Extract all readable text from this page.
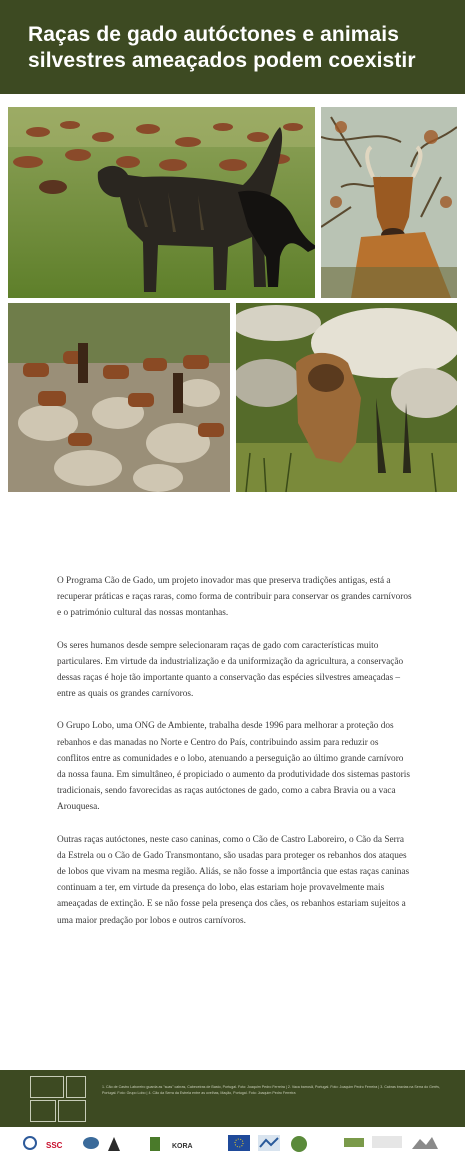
Raças de gado autóctones e animais silvestres ameaçados podem coexistir

O Programa Cão de Gado, um projeto inovador mas que preserva tradições antigas, está a recuperar práticas e raças raras, como forma de contribuir para conservar os grandes carnívoros e o património cultural das nossas montanhas.

Os seres humanos desde sempre selecionaram raças de gado com características muito particulares. Em virtude da industrialização e da uniformização da agricultura, a conservação dessas raças é hoje tão importante quanto a conservação das espécies silvestres ameaçadas – entre as quais os grandes carnívoros.

O Grupo Lobo, uma ONG de Ambiente, trabalha desde 1996 para melhorar a proteção dos rebanhos e das manadas no Norte e Centro do País, contribuindo assim para reduzir os conflitos entre as comunidades e o lobo, atenuando a perseguição ao último grande carnívoro da nossa fauna. Em simultâneo, é propiciado o aumento da produtividade dos sistemas pastoris tradicionais, sendo favorecidas as raças autóctones de gado, como a cabra Bravia ou a vaca Arouquesa.

Outras raças autóctones, neste caso caninas, como o Cão de Castro Laboreiro, o Cão da Serra da Estrela ou o Cão de Gado Transmontano, são usadas para proteger os rebanhos dos ataques de lobos que vivam na mesma região. Aliás, se não fosse a importância que estas raças caninas continuam a ter, em virtude da presença do lobo, elas estariam hoje provavelmente mais ameaçadas de extinção. E se não fosse pela presença dos cães, os rebanhos estariam sujeitos a uma maior predação por lobos e outros carnívoros.

1. Cão de Castro Laboreiro guarda as "suas" cabras, Cabeceiras de Basto, Portugal. Foto: Joaquim Pedro Ferreira | 2. Vaca barrosã, Portugal. Foto: Joaquim Pedro Ferreira | 3. Cabras bravias na Serra do Gerês, Portugal. Foto: Grupo Lobo | 4. Cão da Serra da Estrela entre as ovelhas, Mação, Portugal. Foto: Joaquim Pedro Ferreira
SSC	KORA
